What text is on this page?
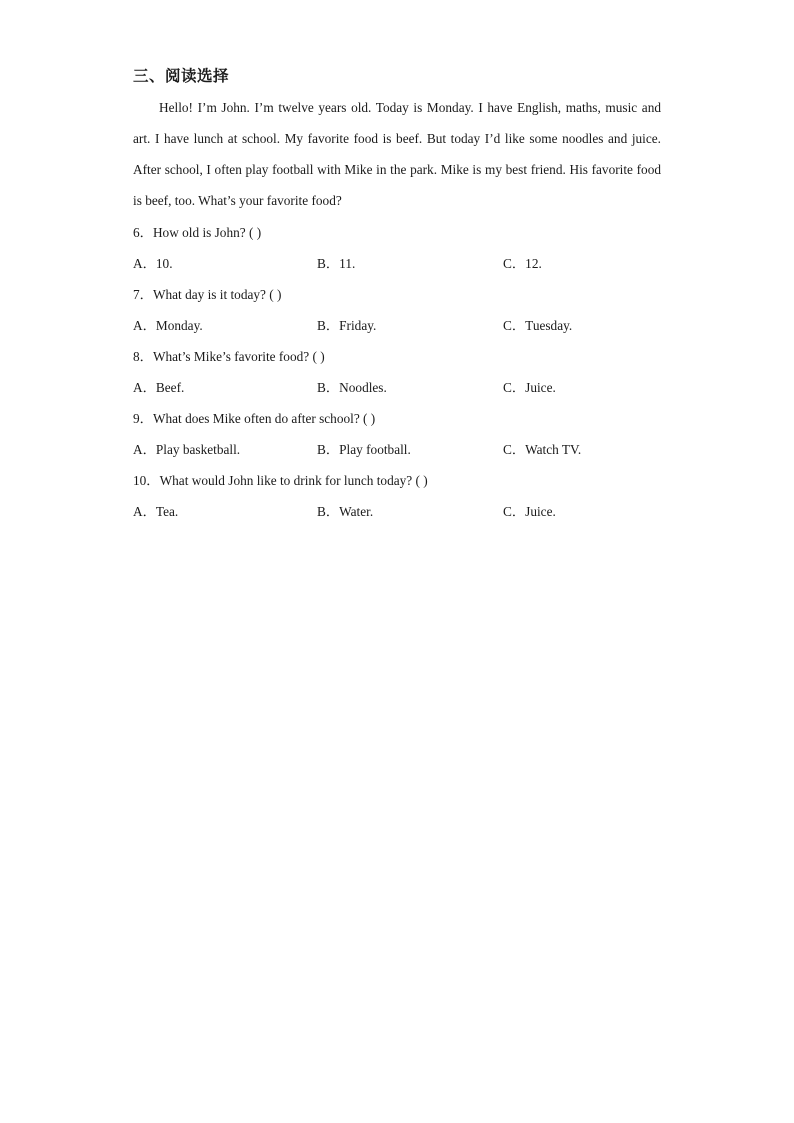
三、阅读选择

Hello! I’m John. I’m twelve years old. Today is Monday. I have English, maths, music and art. I have lunch at school. My favorite food is beef. But today I’d like some noodles and juice. After school, I often play football with Mike in the park. Mike is my best friend. His favorite food is beef, too. What’s your favorite food?

6．How old is John? ( )
A．10.	B．11.	C．12.
7．What day is it today? ( )
A．Monday.	B．Friday.	C．Tuesday.
8．What’s Mike’s favorite food? ( )
A．Beef.	B．Noodles.	C．Juice.
9．What does Mike often do after school? ( )
A．Play basketball.	B．Play football.	C．Watch TV.
10．What would John like to drink for lunch today? ( )
A．Tea.	B．Water.	C．Juice.
